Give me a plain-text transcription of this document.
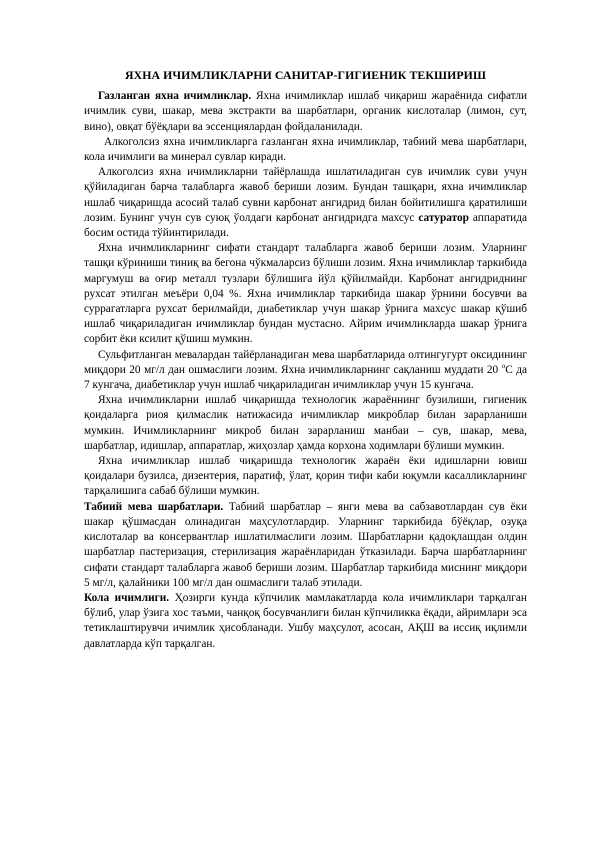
ЯХНА ИЧИМЛИКЛАРНИ САНИТАР-ГИГИЕНИК ТЕКШИРИШ

Газланган яхна ичимликлар. Яхна ичимликлар ишлаб чиқариш жараёнида сифатли ичимлик суви, шакар, мева экстракти ва шарбатлари, органик кислоталар (лимон, сут, вино), овқат бўёқлари ва эссенциялардан фойдаланилади.

Алкоголсиз яхна ичимликларга газланган яхна ичимликлар, табиий мева шарбатлари, кола ичимлиги ва минерал сувлар киради.

Алкоголсиз яхна ичимликларни тайёрлашда ишлатиладиган сув ичимлик суви учун қўйиладиган барча талабларга жавоб бериши лозим. Бундан ташқари, яхна ичимликлар ишлаб чиқаришда асосий талаб сувни карбонат ангидрид билан бойитилишга қаратилиши лозим. Бунинг учун сув суюқ ўолдаги карбонат ангидридга махсус сатуратор аппаратида босим остида тўйинтирилади.

Яхна ичимликларнинг сифати стандарт талабларга жавоб бериши лозим. Уларнинг ташқи кўриниши тиниқ ва бегона чўкмаларсиз бўлиши лозим. Яхна ичимликлар таркибида маргумуш ва оғир металл тузлари бўлишига йўл қўйилмайди. Карбонат ангидриднинг рухсат этилган меъёри 0,04 %. Яхна ичимликлар таркибида шакар ўрнини босувчи ва суррагатларга рухсат берилмайди, диабетиклар учун шакар ўрнига махсус шакар қўшиб ишлаб чиқариладиган ичимликлар бундан мустасно. Айрим ичимликларда шакар ўрнига сорбит ёки ксилит қўшиш мумкин.

Сульфитланган мевалардан тайёрланадиган мева шарбатларида олтингугурт оксидининг миқдори 20 мг/л дан ошмаслиги лозим. Яхна ичимликларнинг сақланиш муддати 20 $^о$С да 7 кунгача, диабетиклар учун ишлаб чиқариладиган ичимликлар учун 15 кунгача.

Яхна ичимликларни ишлаб чиқаришда технологик жараённинг бузилиши, гигиеник қоидаларга риоя қилмаслик натижасида ичимликлар микроблар билан зарарланиши мумкин. Ичимликларнинг микроб билан зарарланиш манбаи – сув, шакар, мева, шарбатлар, идишлар, аппаратлар, жиҳозлар ҳамда корхона ходимлари бўлиши мумкин.

Яхна ичимликлар ишлаб чиқаришда технологик жараён ёки идишларни ювиш қоидалари бузилса, дизентерия, паратиф, ўлат, қорин тифи каби юқумли касалликларнинг тарқалишига сабаб бўлиши мумкин.

Табиий мева шарбатлари. Табиий шарбатлар – янги мева ва сабзавотлардан сув ёки шакар қўшмасдан олинадиган маҳсулотлардир. Уларнинг таркибида бўёқлар, озуқа кислоталар ва консервантлар ишлатилмаслиги лозим. Шарбатларни қадоқлашдан олдин шарбатлар пастеризация, стерилизация жараёнларидан ўтказилади. Барча шарбатларнинг сифати стандарт талабларга жавоб бериши лозим. Шарбатлар таркибида миснинг миқдори 5 мг/л, қалайники 100 мг/л дан ошмаслиги талаб этилади.

Кола ичимлиги. Ҳозирги кунда кўпчилик мамлакатларда кола ичимликлари тарқалган бўлиб, улар ўзига хос таъми, чанқоқ босувчанлиги билан кўпчиликка ёқади, айримлари эса тетиклаштирувчи ичимлик ҳисобланади. Ушбу маҳсулот, асосан, АҚШ ва иссиқ иқлимли давлатларда кўп тарқалган.
